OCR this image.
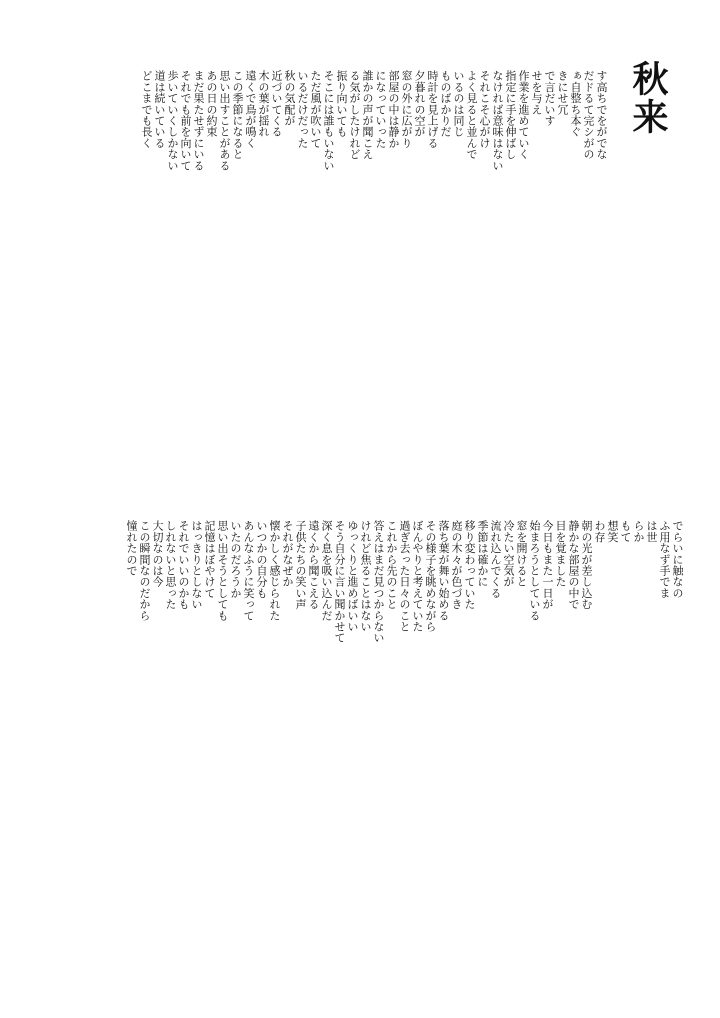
秋来
す高ちでをがでな
だドるて完シがの
ぁ自整ち本ぐ
きにせ冗
で言だいす
せを与え
作業を進めていく
指定に手を伸ばし
なければ意味はない
それこそ心がけ
よく見ると並んで
いるのは同じ
ものばかりだ
時計を見上げる
夕暮れの空が
窓の外に広がり
部屋の中は静か
になっていった
誰かの声が聞こえ
る気がしたけれど
振り向いても
そこには誰もいない
ただ風が吹いて
いるだけだった
秋の気配が
近づいてくる
木の葉が揺れ
遠くで鳥が鳴く
この季節になると
思い出すことがある
あの日の約束
まだ果たせずにいる
それでも前を向いて
歩いていくしかない
道は続いている
どこまでも長く
でらいに触なの
ふ用なず手でま
は世
らか
もて
想笑
わ存
朝の光が差し込む
静かな部屋の中で
目を覚ました
今日もまた一日が
始まろうとしている
窓を開けると
冷たい空気が
流れ込んでくる
季節は確かに
移り変わっていた
庭の木々が色づき
落ち葉が舞い始める
その様子を眺めながら
ぼんやりと考えていた
過ぎ去った日々のこと
これから先のこと
答えはまだ見つからない
けれど焦ることはない
ゆっくりと進めばいい
そう自分に言い聞かせて
深く息を吸い込んだ
遠くから聞こえる
子供たちの笑い声
それがなぜか
懐かしく感じられた
いつかの自分も
あんなふうに笑って
いたのだろうか
思い出そうとしても
記憶はぼやけて
はっきりとしない
それでいいのかも
しれないと思った
大切なのは今
この瞬間なのだから
憧れたので
